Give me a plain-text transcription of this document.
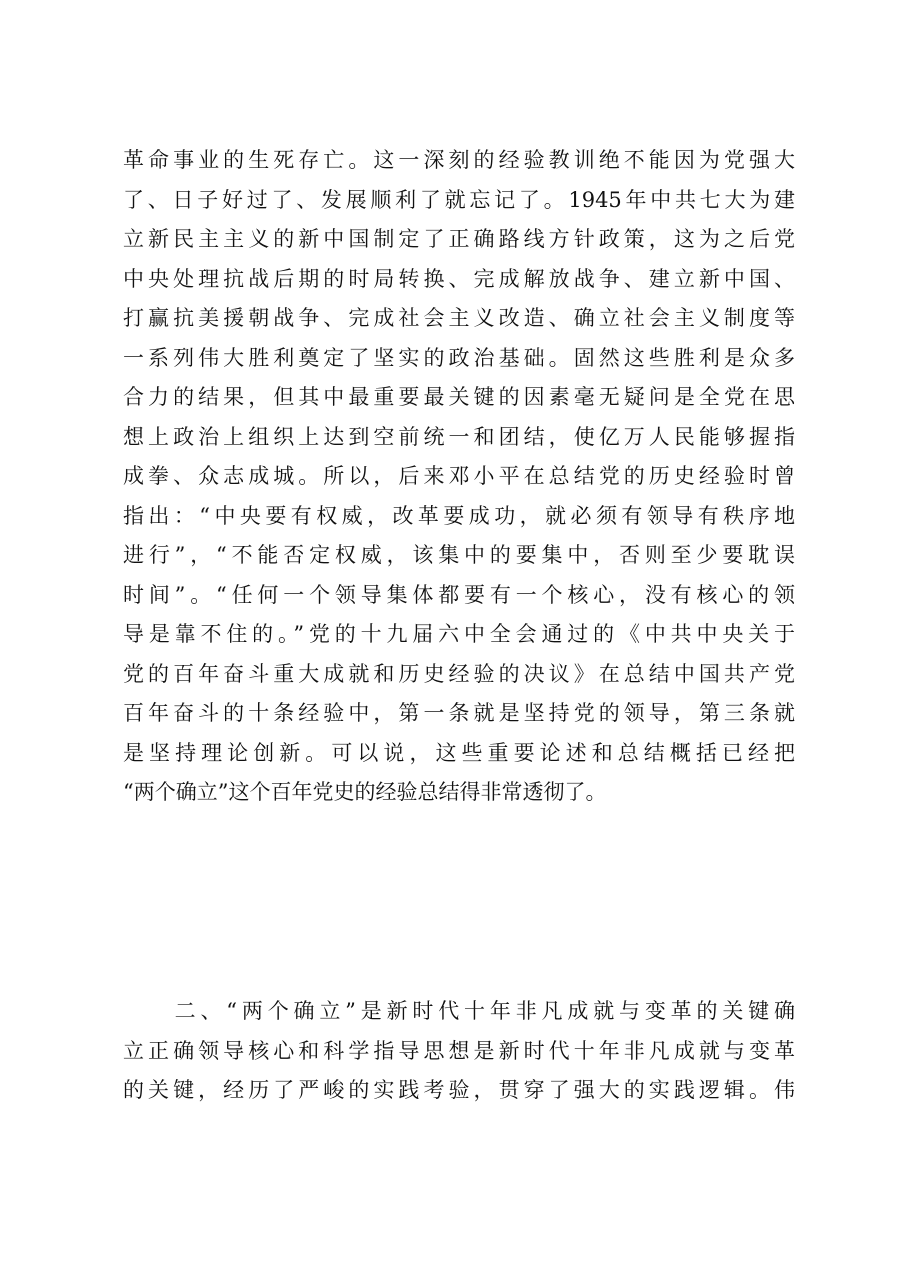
革命事业的生死存亡。这一深刻的经验教训绝不能因为党强大
了、日子好过了、发展顺利了就忘记了。1945年中共七大为建
立新民主主义的新中国制定了正确路线方针政策，这为之后党
中央处理抗战后期的时局转换、完成解放战争、建立新中国、
打赢抗美援朝战争、完成社会主义改造、确立社会主义制度等
一系列伟大胜利奠定了坚实的政治基础。固然这些胜利是众多
合力的结果，但其中最重要最关键的因素毫无疑问是全党在思
想上政治上组织上达到空前统一和团结，使亿万人民能够握指
成拳、众志成城。所以，后来邓小平在总结党的历史经验时曾
指出：“中央要有权威，改革要成功，就必须有领导有秩序地
进行”，“不能否定权威，该集中的要集中，否则至少要耽误
时间”。“任何一个领导集体都要有一个核心，没有核心的领
导是靠不住的。”党的十九届六中全会通过的《中共中央关于
党的百年奋斗重大成就和历史经验的决议》在总结中国共产党
百年奋斗的十条经验中，第一条就是坚持党的领导，第三条就
是坚持理论创新。可以说，这些重要论述和总结概括已经把
“两个确立”这个百年党史的经验总结得非常透彻了。
　　二、“两个确立”是新时代十年非凡成就与变革的关键确
立正确领导核心和科学指导思想是新时代十年非凡成就与变革
的关键，经历了严峻的实践考验，贯穿了强大的实践逻辑。伟
